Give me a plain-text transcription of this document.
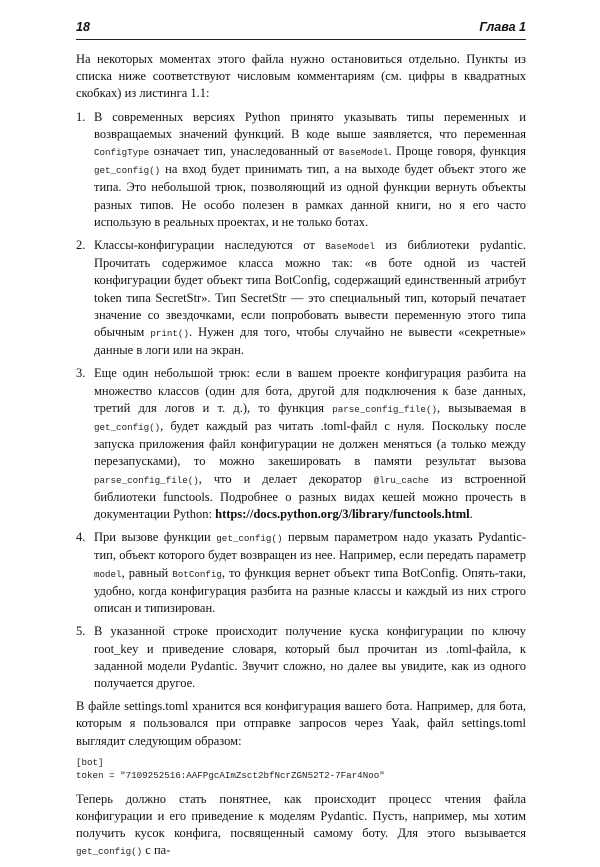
18	Глава 1

На некоторых моментах этого файла нужно остановиться отдельно. Пункты из списка ниже соответствуют числовым комментариям (см. цифры в квадратных скобках) из листинга 1.1:

1. В современных версиях Python принято указывать типы переменных и возвращаемых значений функций. В коде выше заявляется, что переменная ConfigType означает тип, унаследованный от BaseModel. Проще говоря, функция get_config() на вход будет принимать тип, а на выходе будет объект этого же типа. Это небольшой трюк, позволяющий из одной функции вернуть объекты разных типов. Не особо полезен в рамках данной книги, но я его часто использую в реальных проектах, и не только ботах.
2. Классы-конфигурации наследуются от BaseModel из библиотеки pydantic. Прочитать содержимое класса можно так: «в боте одной из частей конфигурации будет объект типа BotConfig, содержащий единственный атрибут token типа SecretStr». Тип SecretStr — это специальный тип, который печатает значение со звездочками, если попробовать вывести переменную этого типа обычным print(). Нужен для того, чтобы случайно не вывести «секретные» данные в логи или на экран.
3. Еще один небольшой трюк: если в вашем проекте конфигурация разбита на множество классов (один для бота, другой для подключения к базе данных, третий для логов и т. д.), то функция parse_config_file(), вызываемая в get_config(), будет каждый раз читать .toml-файл с нуля. Поскольку после запуска приложения файл конфигурации не должен меняться (а только между перезапусками), то можно закешировать в памяти результат вызова parse_config_file(), что и делает декоратор @lru_cache из встроенной библиотеки functools. Подробнее о разных видах кешей можно прочесть в документации Python: https://docs.python.org/3/library/functools.html.
4. При вызове функции get_config() первым параметром надо указать Pydantic-тип, объект которого будет возвращен из нее. Например, если передать параметр model, равный BotConfig, то функция вернет объект типа BotConfig. Опять-таки, удобно, когда конфигурация разбита на разные классы и каждый из них строго описан и типизирован.
5. В указанной строке происходит получение куска конфигурации по ключу root_key и приведение словаря, который был прочитан из .toml-файла, к заданной модели Pydantic. Звучит сложно, но далее вы увидите, как из одного получается другое.

В файле settings.toml хранится вся конфигурация вашего бота. Например, для бота, которым я пользовался при отправке запросов через Yaak, файл settings.toml выглядит следующим образом:

[bot]
token = "7109252516:AAFPgcAImZsct2bfNcrZGN52T2-7Far4Noo"

Теперь должно стать понятнее, как происходит процесс чтения файла конфигурации и его приведение к моделям Pydantic. Пусть, например, мы хотим получить кусок конфига, посвященный самому боту. Для этого вызывается get_config() с па-
